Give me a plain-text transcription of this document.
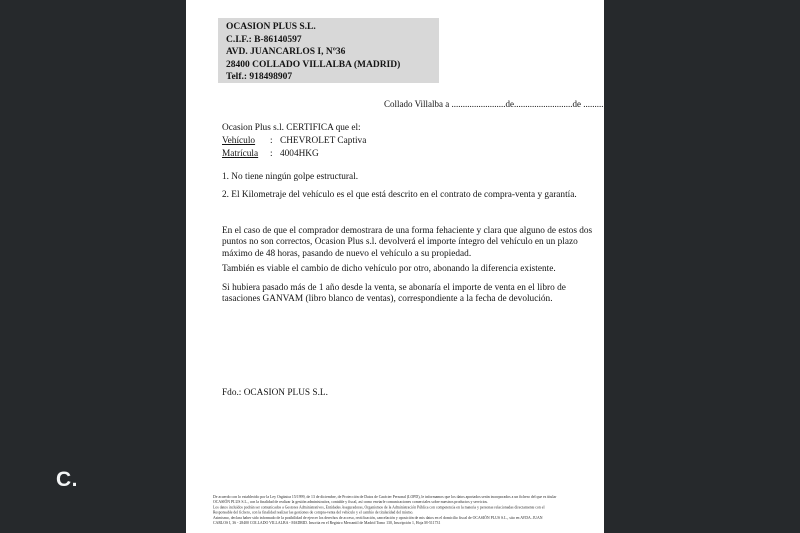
C.
OCASION PLUS S.L.
C.I.F.: B-86140597
AVD. JUANCARLOS I, Nº36
28400 COLLADO VILLALBA (MADRID)
Telf.: 918498907
Collado Villalba a ........................de..........................de .........
Ocasion Plus s.l. CERTIFICA que el:
Vehículo : CHEVROLET Captiva
Matrícula : 4004HKG
1. No tiene ningún golpe estructural.
2. El Kilometraje del vehículo es el que está descrito en el contrato de compra-venta y garantía.
En el caso de que el comprador demostrara de una forma fehaciente y clara que alguno de estos dos puntos no son correctos, Ocasion Plus s.l. devolverá el importe íntegro del vehículo en un plazo máximo de 48 horas, pasando de nuevo el vehículo a su propiedad.
También es viable el cambio de dicho vehículo por otro, abonando la diferencia existente.
Si hubiera pasado más de 1 año desde la venta, se abonaría el importe de venta en el libro de tasaciones GANVAM (libro blanco de ventas), correspondiente a la fecha de devolución.
Fdo.: OCASION PLUS S.L.
De acuerdo con lo establecido por la Ley Orgánica 15/1999, de 13 de diciembre, de Protección de Datos de Carácter Personal (LOPD), le informamos que los datos aportados serán incorporados a un fichero del que es titular
OCASIÓN PLUS S.L., con la finalidad de realizar la gestión administrativa, contable y fiscal, así como enviarle comunicaciones comerciales sobre nuestros productos y servicios.
Los datos incluidos podrán ser comunicados a Gestores Administrativos, Entidades Aseguradoras, Organismos de la Administración Pública con competencia en la materia y personas relacionadas directamente con el
Responsable del fichero, con la finalidad realizar las gestiones de compra-venta del vehículo y el cambio de titularidad del mismo.
Asimismo, declara haber sido informado de la posibilidad de ejercer los derechos de acceso, rectificación, cancelación y oposición de mis datos en el domicilio fiscal de OCASIÓN PLUS S.L., sito en AVDA. JUAN
CARLOS I, 36 - 28400 COLLADO VILLALBA - MADRID. Inscrita en el Registro Mercantil de Madrid Tomo 130, Inscripción 1, Hoja M-511731
